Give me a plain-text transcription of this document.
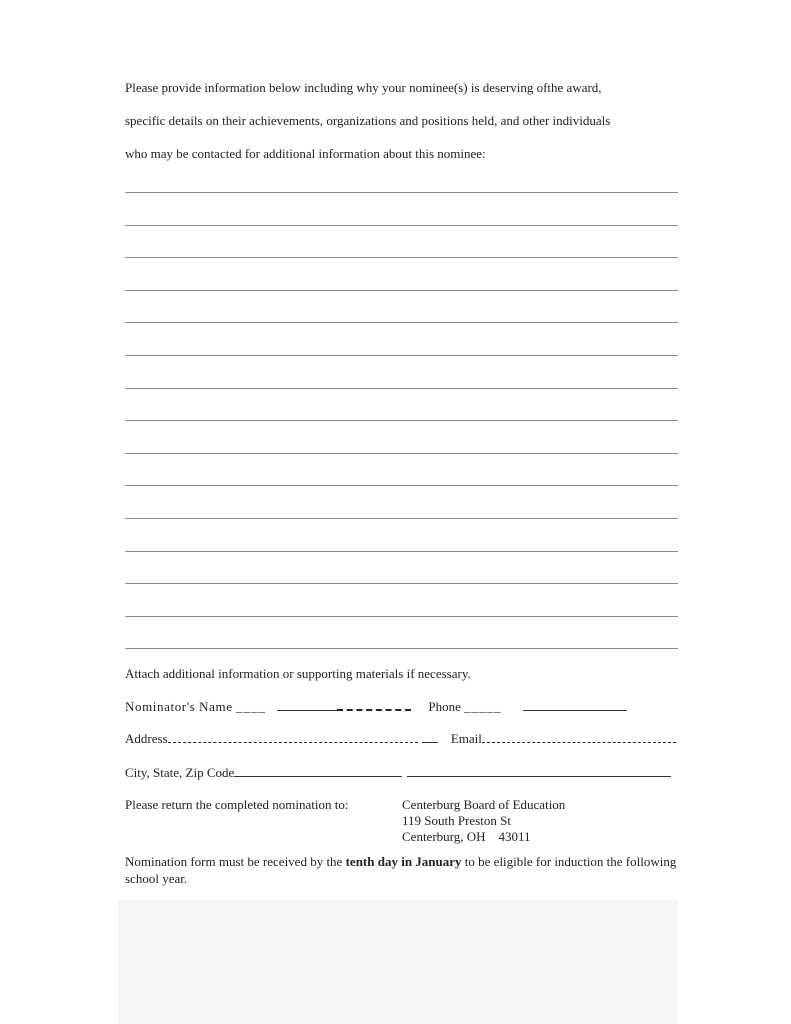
Please provide information below including why your nominee(s) is deserving ofthe award,

specific details on their achievements, organizations and positions held, and other individuals

who may be contacted for additional information about this nominee:

Attach additional information or supporting materials if necessary.
Nominator's Name ____	Phone _____
Address	Email
City, State, Zip Code
Please return the completed nomination to:	Centerburg Board of Education
119 South Preston St
Centerburg, OH    43011
Nomination form must be received by the tenth day in January to be eligible for induction the following school year.
